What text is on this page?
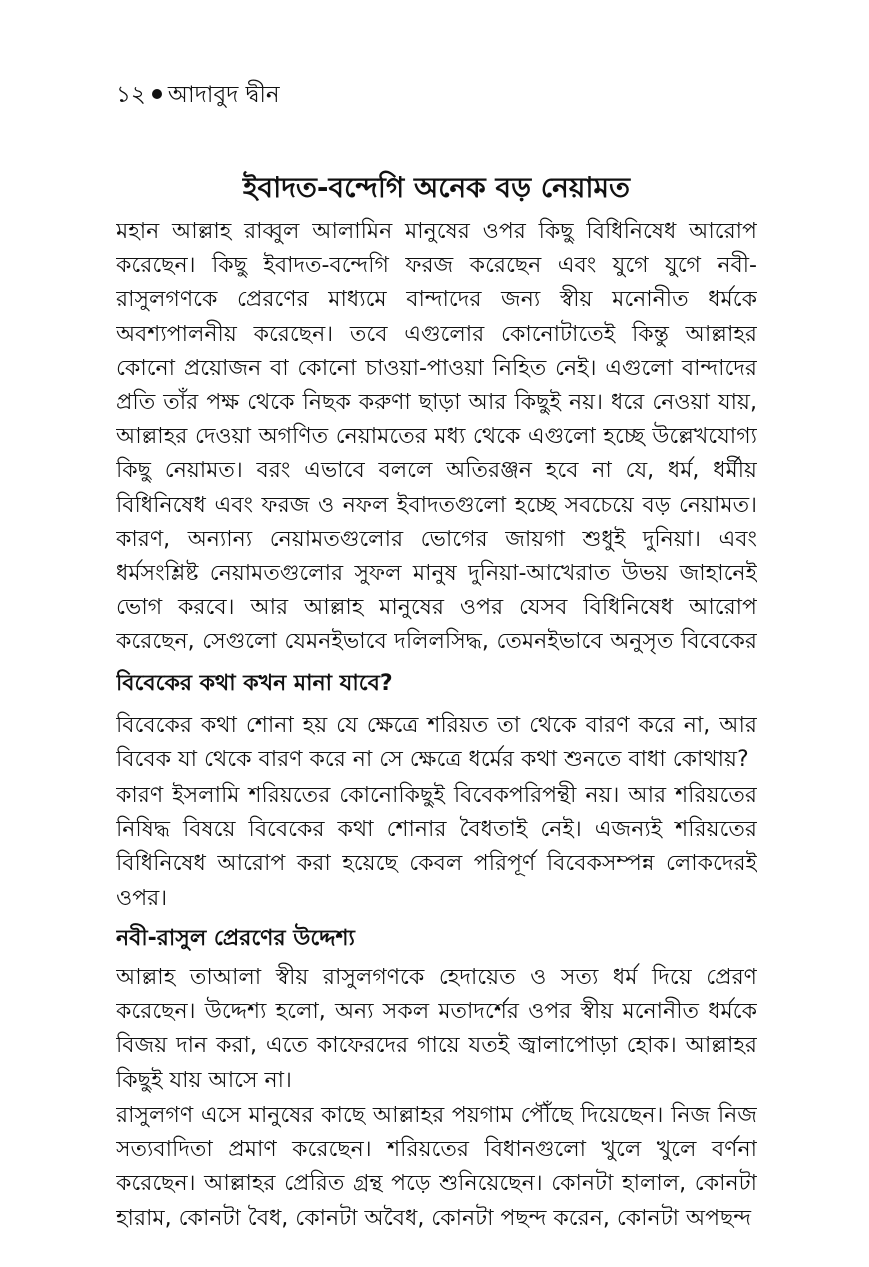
১২ আদাবুদ দ্বীন
ইবাদত-বন্দেগি অনেক বড় নেয়ামত

মহান আল্লাহ রাব্বুল আলামিন মানুষের ওপর কিছু বিধিনিষেধ আরোপ করেছেন। কিছু ইবাদত-বন্দেগি ফরজ করেছেন এবং যুগে যুগে নবী-রাসুলগণকে প্রেরণের মাধ্যমে বান্দাদের জন্য স্বীয় মনোনীত ধর্মকে অবশ্যপালনীয় করেছেন। তবে এগুলোর কোনোটাতেই কিন্তু আল্লাহর কোনো প্রয়োজন বা কোনো চাওয়া-পাওয়া নিহিত নেই। এগুলো বান্দাদের প্রতি তাঁর পক্ষ থেকে নিছক করুণা ছাড়া আর কিছুই নয়। ধরে নেওয়া যায়, আল্লাহর দেওয়া অগণিত নেয়ামতের মধ্য থেকে এগুলো হচ্ছে উল্লেখযোগ্য কিছু নেয়ামত। বরং এভাবে বললে অতিরঞ্জন হবে না যে, ধর্ম, ধর্মীয় বিধিনিষেধ এবং ফরজ ও নফল ইবাদতগুলো হচ্ছে সবচেয়ে বড় নেয়ামত। কারণ, অন্যান্য নেয়ামতগুলোর ভোগের জায়গা শুধুই দুনিয়া। এবং ধর্মসংশ্লিষ্ট নেয়ামতগুলোর সুফল মানুষ দুনিয়া-আখেরাত উভয় জাহানেই ভোগ করবে। আর আল্লাহ মানুষের ওপর যেসব বিধিনিষেধ আরোপ করেছেন, সেগুলো যেমনইভাবে দলিলসিদ্ধ, তেমনইভাবে অনুসৃত বিবেকের

বিবেকের কথা কখন মানা যাবে?

বিবেকের কথা শোনা হয় যে ক্ষেত্রে শরিয়ত তা থেকে বারণ করে না, আর বিবেক যা থেকে বারণ করে না সে ক্ষেত্রে ধর্মের কথা শুনতে বাধা কোথায়?

কারণ ইসলামি শরিয়তের কোনোকিছুই বিবেকপরিপন্থী নয়। আর শরিয়তের নিষিদ্ধ বিষয়ে বিবেকের কথা শোনার বৈধতাই নেই। এজন্যই শরিয়তের বিধিনিষেধ আরোপ করা হয়েছে কেবল পরিপূর্ণ বিবেকসম্পন্ন লোকদেরই ওপর।

নবী-রাসুল প্রেরণের উদ্দেশ্য

আল্লাহ তাআলা স্বীয় রাসুলগণকে হেদায়েত ও সত্য ধর্ম দিয়ে প্রেরণ করেছেন। উদ্দেশ্য হলো, অন্য সকল মতাদর্শের ওপর স্বীয় মনোনীত ধর্মকে বিজয় দান করা, এতে কাফেরদের গায়ে যতই জ্বালাপোড়া হোক। আল্লাহর কিছুই যায় আসে না।

রাসুলগণ এসে মানুষের কাছে আল্লাহর পয়গাম পৌঁছে দিয়েছেন। নিজ নিজ সত্যবাদিতা প্রমাণ করেছেন। শরিয়তের বিধানগুলো খুলে খুলে বর্ণনা করেছেন। আল্লাহর প্রেরিত গ্রন্থ পড়ে শুনিয়েছেন। কোনটা হালাল, কোনটা হারাম, কোনটা বৈধ, কোনটা অবৈধ, কোনটা পছন্দ করেন, কোনটা অপছন্দ
